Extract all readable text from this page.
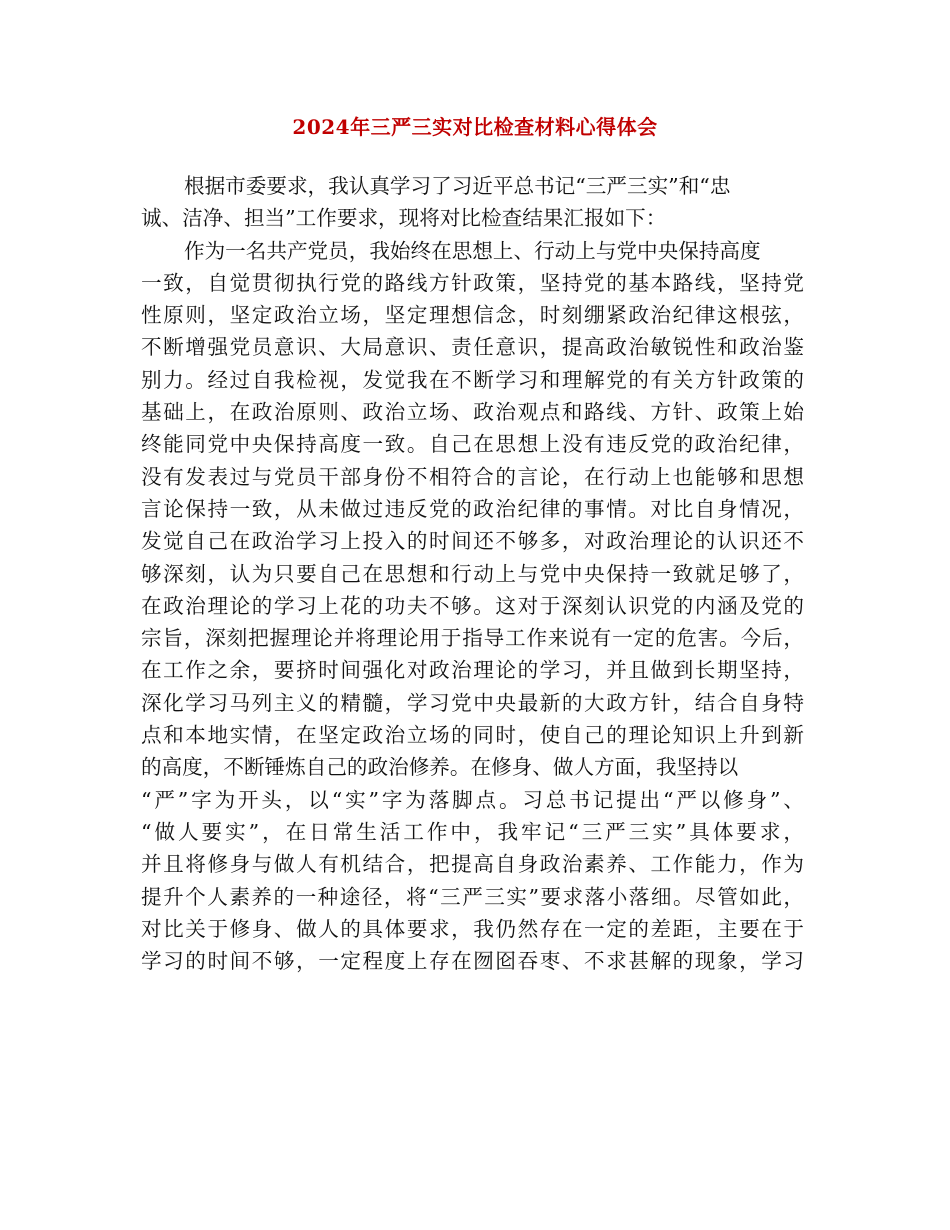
2024年三严三实对比检查材料心得体会
根据市委要求，我认真学习了习近平总书记“三严三实”和“忠
诚、洁净、担当”工作要求，现将对比检查结果汇报如下：
作为一名共产党员，我始终在思想上、行动上与党中央保持高度
一致，自觉贯彻执行党的路线方针政策，坚持党的基本路线，坚持党
性原则，坚定政治立场，坚定理想信念，时刻绷紧政治纪律这根弦，
不断增强党员意识、大局意识、责任意识，提高政治敏锐性和政治鉴
别力。经过自我检视，发觉我在不断学习和理解党的有关方针政策的
基础上，在政治原则、政治立场、政治观点和路线、方针、政策上始
终能同党中央保持高度一致。自己在思想上没有违反党的政治纪律，
没有发表过与党员干部身份不相符合的言论，在行动上也能够和思想
言论保持一致，从未做过违反党的政治纪律的事情。对比自身情况，
发觉自己在政治学习上投入的时间还不够多，对政治理论的认识还不
够深刻，认为只要自己在思想和行动上与党中央保持一致就足够了，
在政治理论的学习上花的功夫不够。这对于深刻认识党的内涵及党的
宗旨，深刻把握理论并将理论用于指导工作来说有一定的危害。今后，
在工作之余，要挤时间强化对政治理论的学习，并且做到长期坚持，
深化学习马列主义的精髓，学习党中央最新的大政方针，结合自身特
点和本地实情，在坚定政治立场的同时，使自己的理论知识上升到新
的高度，不断锤炼自己的政治修养。在修身、做人方面，我坚持以
“严”字为开头，以“实”字为落脚点。习总书记提出“严以修身”、
“做人要实”，在日常生活工作中，我牢记“三严三实”具体要求，
并且将修身与做人有机结合，把提高自身政治素养、工作能力，作为
提升个人素养的一种途径，将“三严三实”要求落小落细。尽管如此，
对比关于修身、做人的具体要求，我仍然存在一定的差距，主要在于
学习的时间不够，一定程度上存在囫囵吞枣、不求甚解的现象，学习
